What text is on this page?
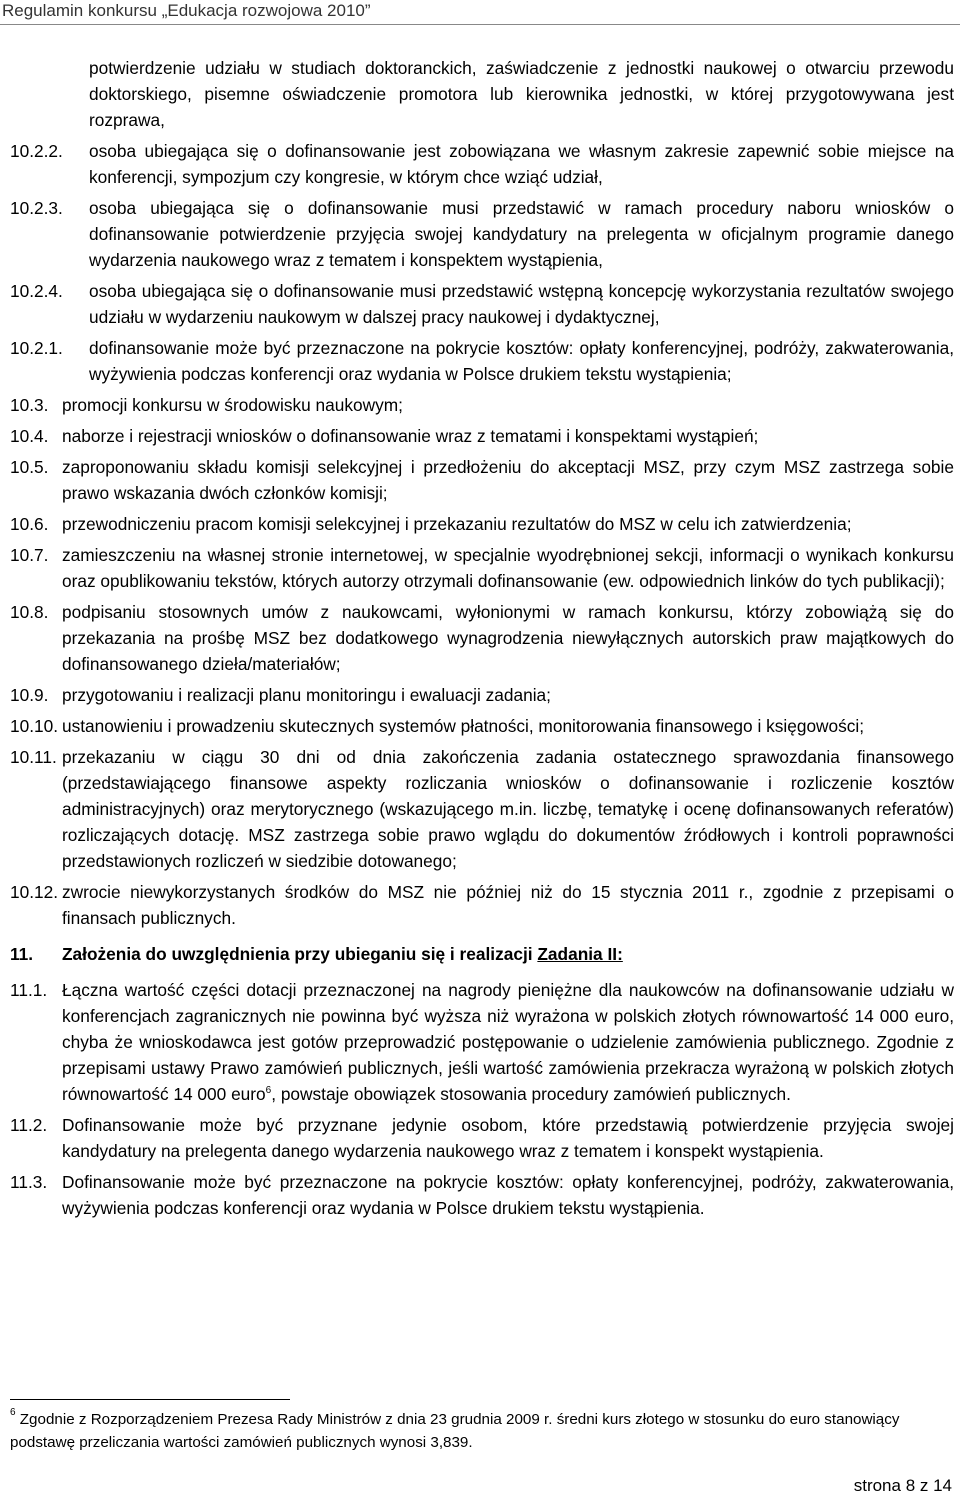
Regulamin konkursu „Edukacja rozwojowa 2010”
potwierdzenie udziału w studiach doktoranckich, zaświadczenie z jednostki naukowej o otwarciu przewodu doktorskiego, pisemne oświadczenie promotora lub kierownika jednostki, w której przygotowywana jest rozprawa,
10.2.2.	osoba ubiegająca się o dofinansowanie jest zobowiązana we własnym zakresie zapewnić sobie miejsce na konferencji, sympozjum czy kongresie, w którym chce wziąć udział,
10.2.3.	osoba ubiegająca się o dofinansowanie musi przedstawić w ramach procedury naboru wniosków o dofinansowanie potwierdzenie przyjęcia swojej kandydatury na prelegenta w oficjalnym programie danego wydarzenia naukowego wraz z tematem i konspektem wystąpienia,
10.2.4.	osoba ubiegająca się o dofinansowanie musi przedstawić wstępną koncepcję wykorzystania rezultatów swojego udziału w wydarzeniu naukowym w dalszej pracy naukowej i dydaktycznej,
10.2.1.	dofinansowanie może być przeznaczone na pokrycie kosztów: opłaty konferencyjnej, podróży, zakwaterowania, wyżywienia podczas konferencji oraz wydania w Polsce drukiem tekstu wystąpienia;
10.3. promocji konkursu w środowisku naukowym;
10.4. naborze i rejestracji wniosków o dofinansowanie wraz z tematami i konspektami wystąpień;
10.5. zaproponowaniu składu komisji selekcyjnej i przedłożeniu do akceptacji MSZ, przy czym MSZ zastrzega sobie prawo wskazania dwóch członków komisji;
10.6. przewodniczeniu pracom komisji selekcyjnej i przekazaniu rezultatów do MSZ w celu ich zatwierdzenia;
10.7. zamieszczeniu na własnej stronie internetowej, w specjalnie wyodrębnionej sekcji, informacji o wynikach konkursu oraz opublikowaniu tekstów, których autorzy otrzymali dofinansowanie (ew. odpowiednich linków do tych publikacji);
10.8. podpisaniu stosownych umów z naukowcami, wyłonionymi w ramach konkursu, którzy zobowiążą się do przekazania na prośbę MSZ bez dodatkowego wynagrodzenia niewyłącznych autorskich praw majątkowych do dofinansowanego dzieła/materiałów;
10.9. przygotowaniu i realizacji planu monitoringu i ewaluacji zadania;
10.10. ustanowieniu i prowadzeniu skutecznych systemów płatności, monitorowania finansowego i księgowości;
10.11. przekazaniu w ciągu 30 dni od dnia zakończenia zadania ostatecznego sprawozdania finansowego (przedstawiającego finansowe aspekty rozliczania wniosków o dofinansowanie i rozliczenie kosztów administracyjnych) oraz merytorycznego (wskazującego m.in. liczbę, tematykę i ocenę dofinansowanych referatów) rozliczających dotację. MSZ zastrzega sobie prawo wglądu do dokumentów źródłowych i kontroli poprawności przedstawionych rozliczeń w siedzibie dotowanego;
10.12. zwrocie niewykorzystanych środków do MSZ nie później niż do 15 stycznia 2011 r., zgodnie z przepisami o finansach publicznych.
11.	Założenia do uwzględnienia przy ubieganiu się i realizacji Zadania II:
11.1. Łączna wartość części dotacji przeznaczonej na nagrody pieniężne dla naukowców na dofinansowanie udziału w konferencjach zagranicznych nie powinna być wyższa niż wyrażona w polskich złotych równowartość 14 000 euro, chyba że wnioskodawca jest gotów przeprowadzić postępowanie o udzielenie zamówienia publicznego. Zgodnie z przepisami ustawy Prawo zamówień publicznych, jeśli wartość zamówienia przekracza wyrażoną w polskich złotych równowartość 14 000 euro$^6$, powstaje obowiązek stosowania procedury zamówień publicznych.
11.2. Dofinansowanie może być przyznane jedynie osobom, które przedstawią potwierdzenie przyjęcia swojej kandydatury na prelegenta danego wydarzenia naukowego wraz z tematem i konspekt wystąpienia.
11.3. Dofinansowanie może być przeznaczone na pokrycie kosztów: opłaty konferencyjnej, podróży, zakwaterowania, wyżywienia podczas konferencji oraz wydania w Polsce drukiem tekstu wystąpienia.
$^6$ Zgodnie z Rozporządzeniem Prezesa Rady Ministrów z dnia 23 grudnia 2009 r. średni kurs złotego w stosunku do euro stanowiący podstawę przeliczania wartości zamówień publicznych wynosi 3,839.
strona 8 z 14
